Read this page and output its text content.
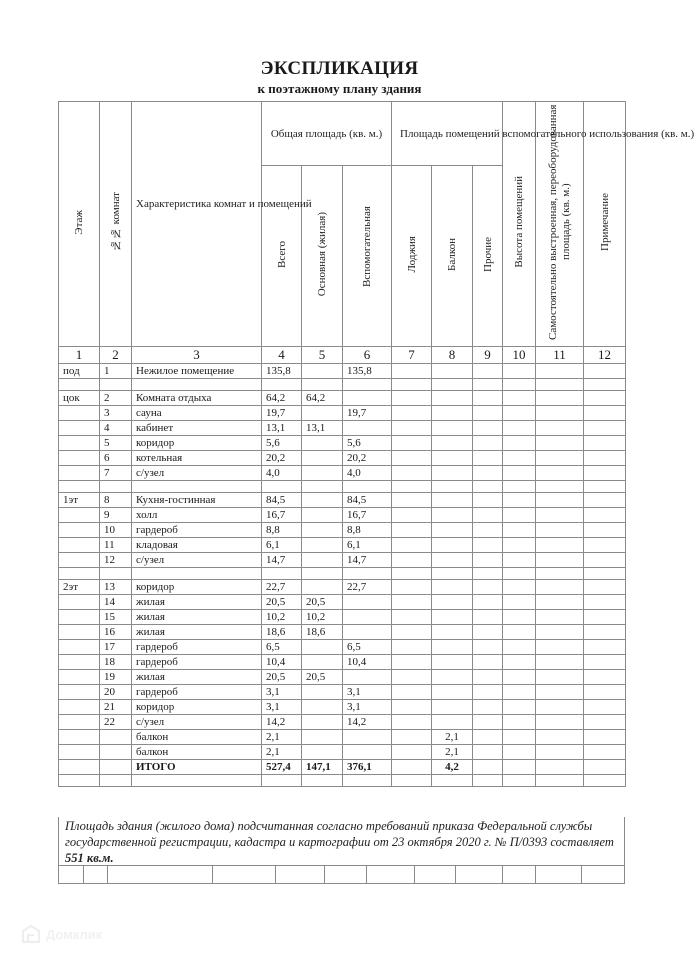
ЭКСПЛИКАЦИЯ
к поэтажному плану здания
Этаж	№№ комнат	Характеристика комнат и помещений	Общая площадь (кв. м.)			Площадь помещений вспомогательного использования (кв. м.)			Высота помещений	Самостоятельно выстроенная, переоборудованная площадь (кв. м.)	Примечание
			Всего	Основная (жилая)	Вспомогательная	Лоджия	Балкон	Прочие			
1	2	3	4	5	6	7	8	9	10	11	12
под	1	Нежилое помещение	135,8		135,8						

цок	2	Комната отдыха	64,2	64,2							
	3	сауна	19,7		19,7						
	4	кабинет	13,1	13,1							
	5	коридор	5,6		5,6						
	6	котельная	20,2		20,2						
	7	с/узел	4,0		4,0						

1эт	8	Кухня-гостинная	84,5		84,5						
	9	холл	16,7		16,7						
	10	гардероб	8,8		8,8						
	11	кладовая	6,1		6,1						
	12	с/узел	14,7		14,7						

2эт	13	коридор	22,7		22,7						
	14	жилая	20,5	20,5							
	15	жилая	10,2	10,2							
	16	жилая	18,6	18,6							
	17	гардероб	6,5		6,5						
	18	гардероб	10,4		10,4						
	19	жилая	20,5	20,5							
	20	гардероб	3,1		3,1						
	21	коридор	3,1		3,1						
	22	с/узел	14,2		14,2						
		балкон	2,1				2,1				
		балкон	2,1				2,1				
		ИТОГО	527,4	147,1	376,1		4,2				

Площадь здания (жилого дома) подсчитанная согласно требований приказа Федеральной службы государственной регистрации, кадастра и картографии от 23 октября 2020 г. № П/0393 составляет 551 кв.м.
Домклик
